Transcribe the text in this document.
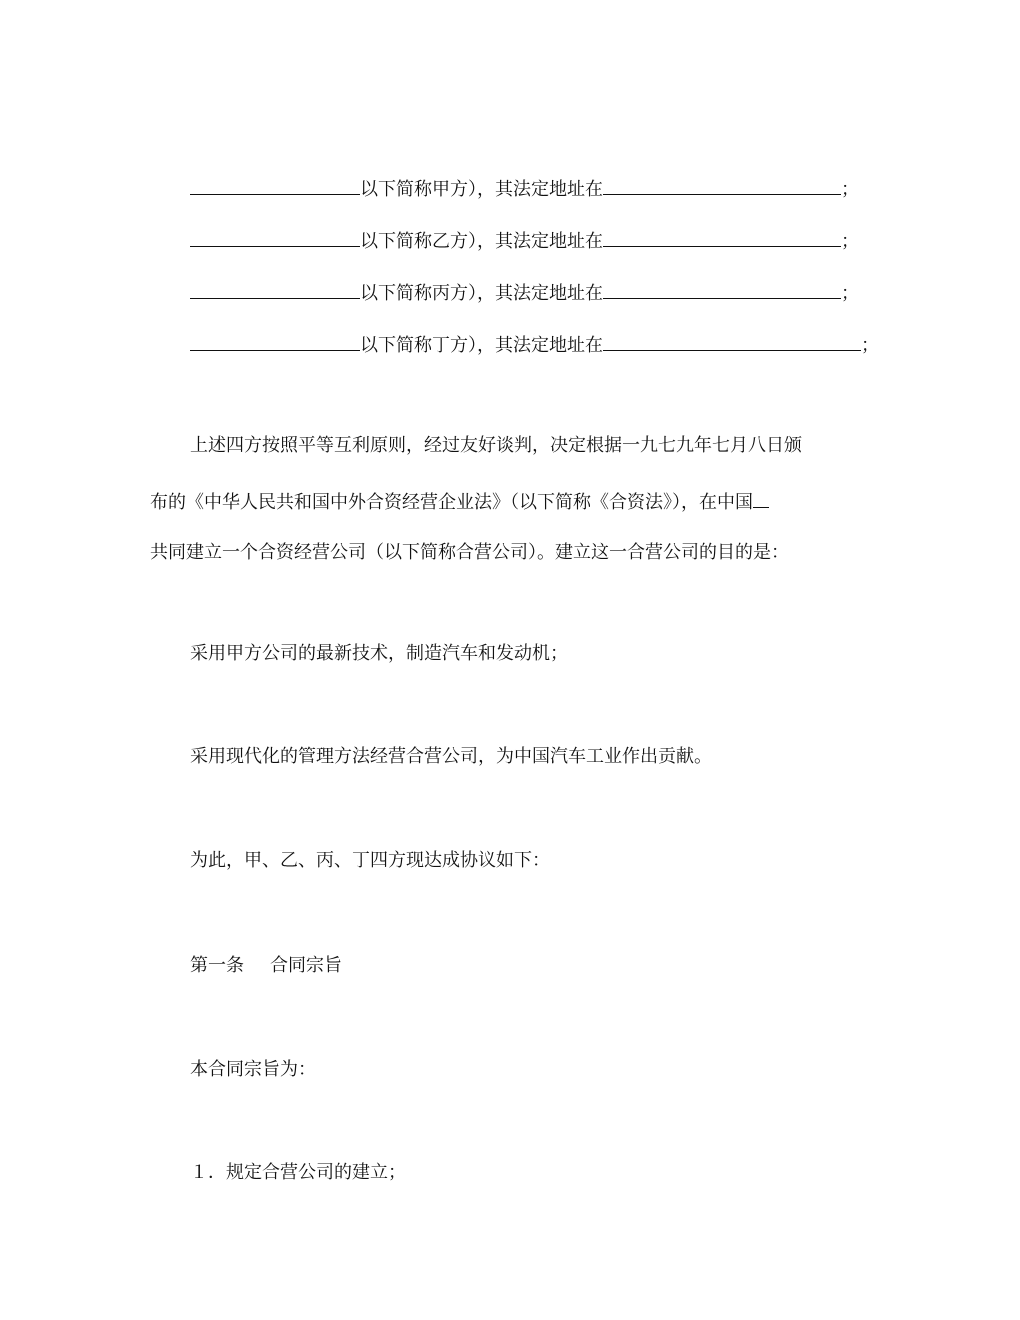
以下简称甲方），其法定地址在	；
以下简称乙方），其法定地址在	；
以下简称丙方），其法定地址在	；
以下简称丁方），其法定地址在	；
上述四方按照平等互利原则，经过友好谈判，决定根据一九七九年七月八日颁
布的《中华人民共和国中外合资经营企业法》（以下简称《合资法》），在中国
共同建立一个合资经营公司（以下简称合营公司）。建立这一合营公司的目的是：
采用甲方公司的最新技术，制造汽车和发动机；
采用现代化的管理方法经营合营公司，为中国汽车工业作出贡献。
为此，甲、乙、丙、丁四方现达成协议如下：
第一条 合同宗旨
本合同宗旨为：
１．规定合营公司的建立；
